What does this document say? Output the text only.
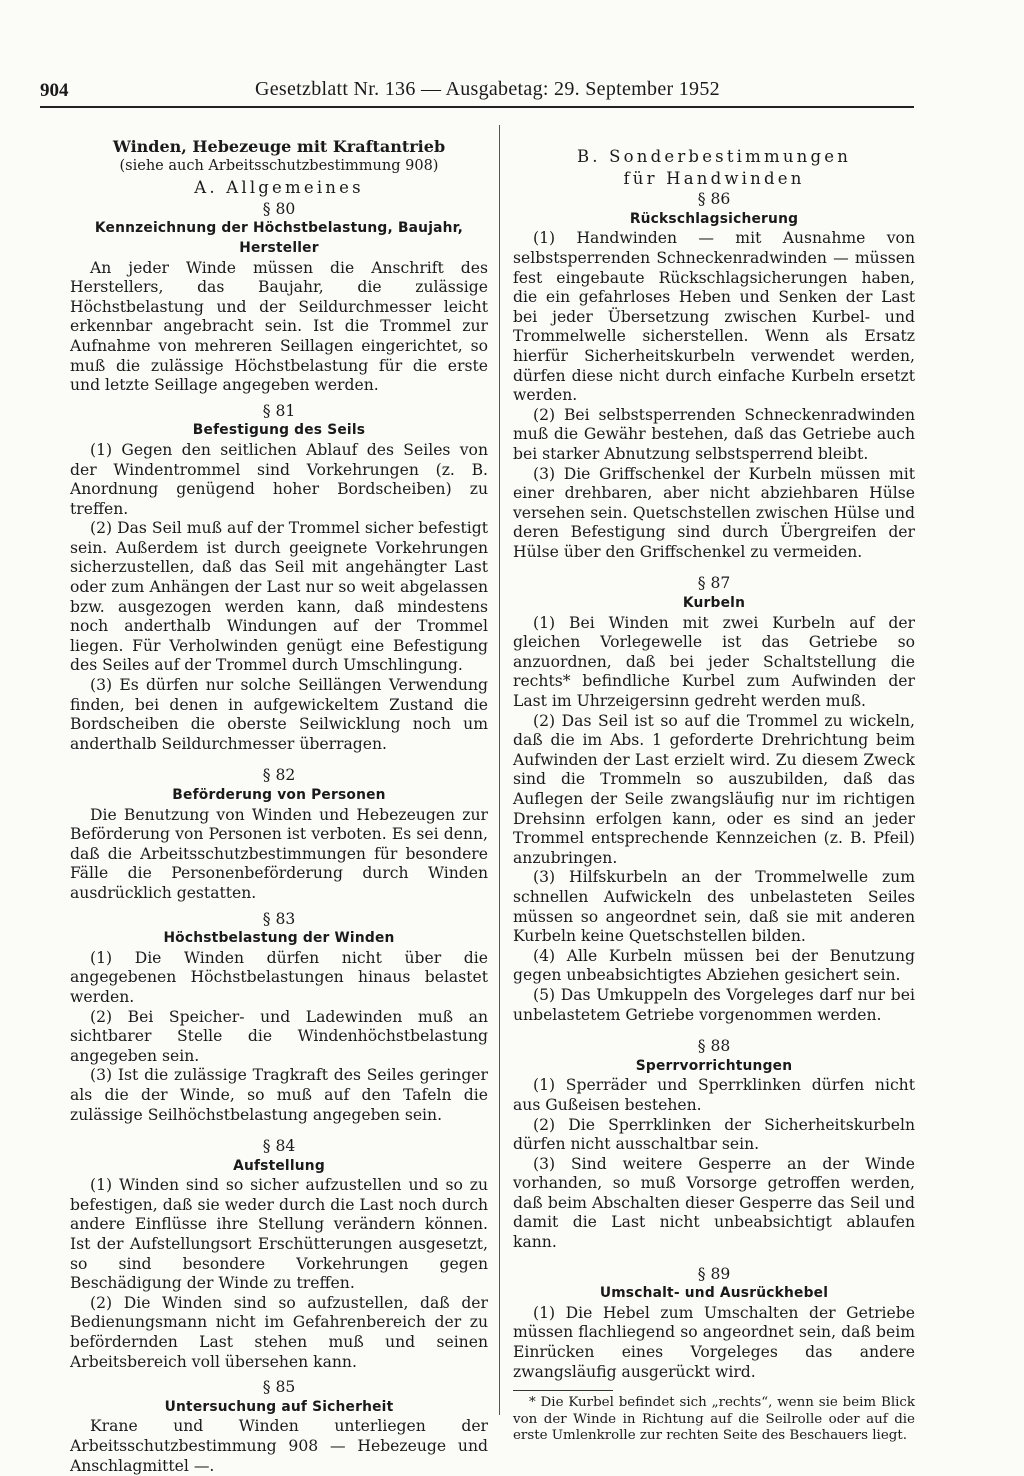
904	Gesetzblatt Nr. 136 — Ausgabetag: 29. September 1952
Winden, Hebezeuge mit Kraftantrieb
(siehe auch Arbeitsschutzbestimmung 908)
A. Allgemeines
§ 80
Kennzeichnung der Höchstbelastung, Baujahr, Hersteller

An jeder Winde müssen die Anschrift des Herstellers, das Baujahr, die zulässige Höchstbelastung und der Seildurchmesser leicht erkennbar angebracht sein. Ist die Trommel zur Aufnahme von mehreren Seillagen eingerichtet, so muß die zulässige Höchstbelastung für die erste und letzte Seillage angegeben werden.

§ 81
Befestigung des Seils

(1) Gegen den seitlichen Ablauf des Seiles von der Windentrommel sind Vorkehrungen (z. B. Anordnung genügend hoher Bordscheiben) zu treffen.

(2) Das Seil muß auf der Trommel sicher befestigt sein. Außerdem ist durch geeignete Vorkehrungen sicherzustellen, daß das Seil mit angehängter Last oder zum Anhängen der Last nur so weit abgelassen bzw. ausgezogen werden kann, daß mindestens noch anderthalb Windungen auf der Trommel liegen. Für Verholwinden genügt eine Befestigung des Seiles auf der Trommel durch Umschlingung.

(3) Es dürfen nur solche Seillängen Verwendung finden, bei denen in aufgewickeltem Zustand die Bordscheiben die oberste Seilwicklung noch um anderthalb Seildurchmesser überragen.

§ 82
Beförderung von Personen

Die Benutzung von Winden und Hebezeugen zur Beförderung von Personen ist verboten. Es sei denn, daß die Arbeitsschutzbestimmungen für besondere Fälle die Personenbeförderung durch Winden ausdrücklich gestatten.

§ 83
Höchstbelastung der Winden

(1) Die Winden dürfen nicht über die angegebenen Höchstbelastungen hinaus belastet werden.

(2) Bei Speicher- und Ladewinden muß an sichtbarer Stelle die Windenhöchstbelastung angegeben sein.

(3) Ist die zulässige Tragkraft des Seiles geringer als die der Winde, so muß auf den Tafeln die zulässige Seilhöchstbelastung angegeben sein.

§ 84
Aufstellung

(1) Winden sind so sicher aufzustellen und so zu befestigen, daß sie weder durch die Last noch durch andere Einflüsse ihre Stellung verändern können. Ist der Aufstellungsort Erschütterungen ausgesetzt, so sind besondere Vorkehrungen gegen Beschädigung der Winde zu treffen.

(2) Die Winden sind so aufzustellen, daß der Bedienungsmann nicht im Gefahrenbereich der zu befördernden Last stehen muß und seinen Arbeitsbereich voll übersehen kann.

§ 85
Untersuchung auf Sicherheit

Krane und Winden unterliegen der Arbeitsschutzbestimmung 908 — Hebezeuge und Anschlagmittel —.

B. Sonderbestimmungen
für Handwinden
§ 86
Rückschlagsicherung

(1) Handwinden — mit Ausnahme von selbstsperrenden Schneckenradwinden — müssen fest eingebaute Rückschlagsicherungen haben, die ein gefahrloses Heben und Senken der Last bei jeder Übersetzung zwischen Kurbel- und Trommelwelle sicherstellen. Wenn als Ersatz hierfür Sicherheitskurbeln verwendet werden, dürfen diese nicht durch einfache Kurbeln ersetzt werden.

(2) Bei selbstsperrenden Schneckenradwinden muß die Gewähr bestehen, daß das Getriebe auch bei starker Abnutzung selbstsperrend bleibt.

(3) Die Griffschenkel der Kurbeln müssen mit einer drehbaren, aber nicht abziehbaren Hülse versehen sein. Quetschstellen zwischen Hülse und deren Befestigung sind durch Übergreifen der Hülse über den Griffschenkel zu vermeiden.

§ 87
Kurbeln

(1) Bei Winden mit zwei Kurbeln auf der gleichen Vorlegewelle ist das Getriebe so anzuordnen, daß bei jeder Schaltstellung die rechts* befindliche Kurbel zum Aufwinden der Last im Uhrzeigersinn gedreht werden muß.

(2) Das Seil ist so auf die Trommel zu wickeln, daß die im Abs. 1 geforderte Drehrichtung beim Aufwinden der Last erzielt wird. Zu diesem Zweck sind die Trommeln so auszubilden, daß das Auflegen der Seile zwangsläufig nur im richtigen Drehsinn erfolgen kann, oder es sind an jeder Trommel entsprechende Kennzeichen (z. B. Pfeil) anzubringen.

(3) Hilfskurbeln an der Trommelwelle zum schnellen Aufwickeln des unbelasteten Seiles müssen so angeordnet sein, daß sie mit anderen Kurbeln keine Quetschstellen bilden.

(4) Alle Kurbeln müssen bei der Benutzung gegen unbeabsichtigtes Abziehen gesichert sein.

(5) Das Umkuppeln des Vorgeleges darf nur bei unbelastetem Getriebe vorgenommen werden.

§ 88
Sperrvorrichtungen

(1) Sperräder und Sperrklinken dürfen nicht aus Gußeisen bestehen.

(2) Die Sperrklinken der Sicherheitskurbeln dürfen nicht ausschaltbar sein.

(3) Sind weitere Gesperre an der Winde vorhanden, so muß Vorsorge getroffen werden, daß beim Abschalten dieser Gesperre das Seil und damit die Last nicht unbeabsichtigt ablaufen kann.

§ 89
Umschalt- und Ausrückhebel

(1) Die Hebel zum Umschalten der Getriebe müssen flachliegend so angeordnet sein, daß beim Einrücken eines Vorgeleges das andere zwangsläufig ausgerückt wird.

* Die Kurbel befindet sich „rechts“, wenn sie beim Blick von der Winde in Richtung auf die Seilrolle oder auf die erste Umlenkrolle zur rechten Seite des Beschauers liegt.
